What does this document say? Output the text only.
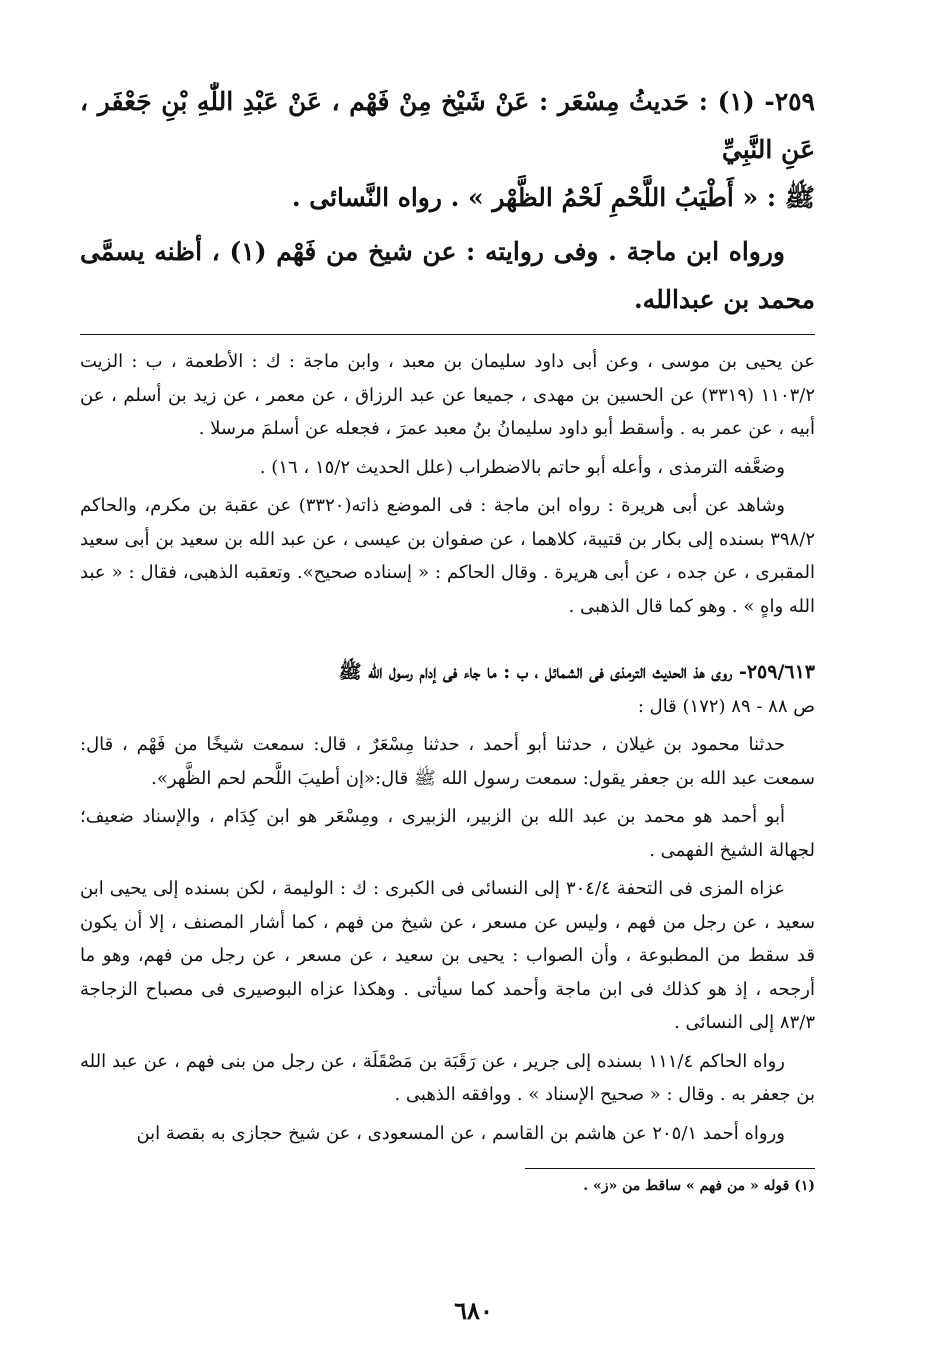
٢٥٩- (١) : حَديثُ مِسْعَر : عَنْ شَيْخ مِنْ فَهْم ، عَنْ عَبْدِ اللّٰهِ بْنِ جَعْفَر ، عَنِ النَّبِيِّ
ﷺ : « أَطْيَبُ اللَّحْمِ لَحْمُ الظَّهْر » . رواه النَّسائى .

ورواه ابن ماجة . وفى روايته : عن شيخ من فَهْم (١) ، أظنه يسمَّى محمد بن عبدالله.

عن يحيى بن موسى ، وعن أبى داود سليمان بن معبد ، وابن ماجة : ك : الأطعمة ، ب : الزيت ١١٠٣/٢ (٣٣١٩) عن الحسين بن مهدى ، جميعا عن عبد الرزاق ، عن معمر ، عن زيد بن أسلم ، عن أبيه ، عن عمر به . وأسقط أبو داود سليمانُ بنُ معبد عمرَ ، فجعله عن أسلمَ مرسلا .

وضعَّفه الترمذى ، وأعله أبو حاتم بالاضطراب (علل الحديث ١٥/٢ ، ١٦) .

وشاهد عن أبى هريرة : رواه ابن ماجة : فى الموضع ذاته(٣٣٢٠) عن عقبة بن مكرم، والحاكم ٣٩٨/٢ بسنده إلى بكار بن قتيبة، كلاهما ، عن صفوان بن عيسى ، عن عبد الله بن سعيد بن أبى سعيد المقبرى ، عن جده ، عن أبى هريرة . وقال الحاكم : « إسناده صحيح». وتعقبه الذهبى، فقال : « عبد الله واهٍ » . وهو كما قال الذهبى .

٢٥٩/٦١٣- روى هذ الحديث الترمذى فى الشمائل ، ب : ما جاء فى إدام رسول الله ﷺ
ص ٨٨ - ٨٩ (١٧٢) قال :

حدثنا محمود بن غيلان ، حدثنا أبو أحمد ، حدثنا مِسْعَرٌ ، قال: سمعت شيخًا من فَهْم ، قال: سمعت عبد الله بن جعفر يقول: سمعت رسول الله ﷺ قال:«إن أطيبَ اللَّحم لحم الظَّهر».

أبو أحمد هو محمد بن عبد الله بن الزبير، الزبيرى ، ومِسْعَر هو ابن كِدَام ، والإسناد ضعيف؛ لجهالة الشيخ الفهمى .

عزاه المزى فى التحفة ٣٠٤/٤ إلى النسائى فى الكبرى : ك : الوليمة ، لكن بسنده إلى يحيى ابن سعيد ، عن رجل من فهم ، وليس عن مسعر ، عن شيخ من فهم ، كما أشار المصنف ، إلا أن يكون قد سقط من المطبوعة ، وأن الصواب : يحيى بن سعيد ، عن مسعر ، عن رجل من فهم، وهو ما أرجحه ، إذ هو كذلك فى ابن ماجة وأحمد كما سيأتى . وهكذا عزاه البوصيرى فى مصباح الزجاجة ٨٣/٣ إلى النسائى .

رواه الحاكم ١١١/٤ بسنده إلى جرير ، عن رَقَبَة بن مَصْقَلَة ، عن رجل من بنى فهم ، عن عبد الله بن جعفر به . وقال : « صحيح الإسناد » . ووافقه الذهبى .

ورواه أحمد ٢٠٥/١ عن هاشم بن القاسم ، عن المسعودى ، عن شيخ حجازى به بقصة ابن

(١) قوله « من فهم » ساقط من «ز» .
٦٨٠
